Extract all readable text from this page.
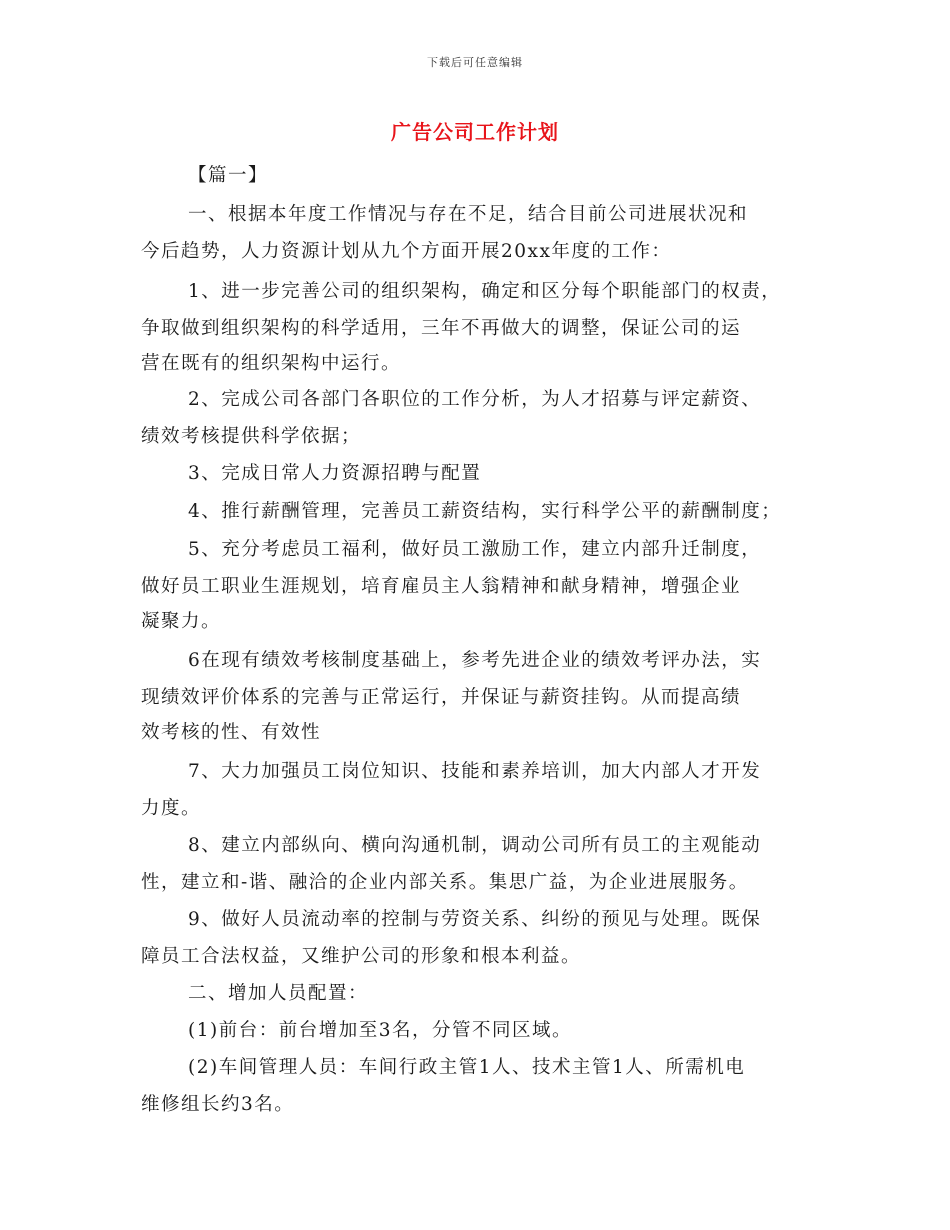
下载后可任意编辑
广告公司工作计划
【篇一】
一、根据本年度工作情况与存在不足，结合目前公司进展状况和
今后趋势，人力资源计划从九个方面开展20xx年度的工作：
1、进一步完善公司的组织架构，确定和区分每个职能部门的权责，
争取做到组织架构的科学适用，三年不再做大的调整，保证公司的运
营在既有的组织架构中运行。
2、完成公司各部门各职位的工作分析，为人才招募与评定薪资、
绩效考核提供科学依据；
3、完成日常人力资源招聘与配置
4、推行薪酬管理，完善员工薪资结构，实行科学公平的薪酬制度；
5、充分考虑员工福利，做好员工激励工作，建立内部升迁制度，
做好员工职业生涯规划，培育雇员主人翁精神和献身精神，增强企业
凝聚力。
6在现有绩效考核制度基础上，参考先进企业的绩效考评办法，实
现绩效评价体系的完善与正常运行，并保证与薪资挂钩。从而提高绩
效考核的性、有效性
7、大力加强员工岗位知识、技能和素养培训，加大内部人才开发
力度。
8、建立内部纵向、横向沟通机制，调动公司所有员工的主观能动
性，建立和-谐、融洽的企业内部关系。集思广益，为企业进展服务。
9、做好人员流动率的控制与劳资关系、纠纷的预见与处理。既保
障员工合法权益，又维护公司的形象和根本利益。
二、增加人员配置：
(1)前台：前台增加至3名，分管不同区域。
(2)车间管理人员：车间行政主管1人、技术主管1人、所需机电
维修组长约3名。
